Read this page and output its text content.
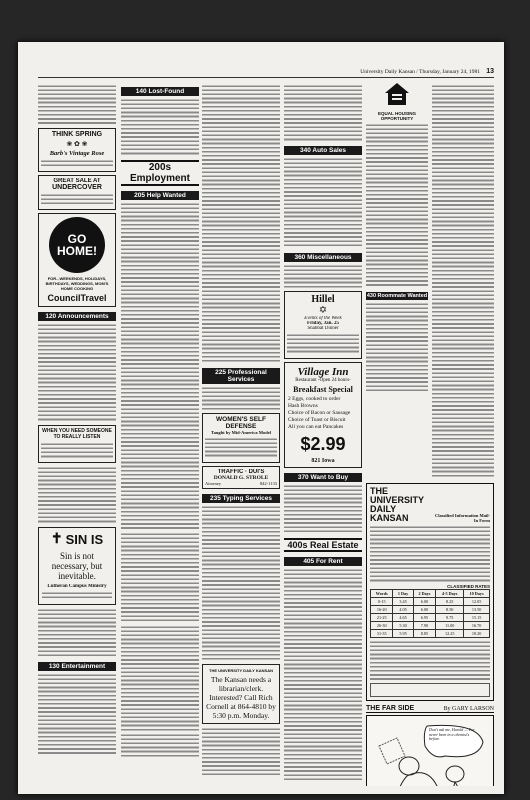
University Daily Kansan / Thursday, January 24, 1981 13
THINK SPRING
❀ ✿ ❀
Barb's Vintage Rose
GREAT SALE AT
UNDERCOVER
GO HOME!
FOR...WEEKENDS, HOLIDAYS, BIRTHDAYS, WEDDINGS, MOM'S HOME COOKING
CouncilTravel
120 Announcements
WHEN YOU NEED SOMEONE TO REALLY LISTEN
✝ SIN IS
Sin is not necessary, but inevitable.
Lutheran Campus Ministry
130 Entertainment
140 Lost-Found
200s Employment
205 Help Wanted
225 Professional Services
WOMEN'S SELF DEFENSE
Taught by Mid-America Model
TRAFFIC · DUI'S
DONALD G. STROLE
Attorney	842-1133
235 Typing Services
THE UNIVERSITY DAILY KANSAN
The Kansan needs a librarian/clerk. Interested? Call Rich Cornell at 864-4810 by 5:30 p.m. Monday.
340 Auto Sales
360 Miscellaneous
Hillel
✡
Events of the Week
Friday, Jan. 25
Shabbat Dinner
Village Inn
Restaurant -Open 24 hours-
Breakfast Special
2 Eggs, cooked to order
Hash Browns
Choice of Bacon or Sausage
Choice of Toast or Biscuit
All you can eat Pancakes
$2.99
821 Iowa
370 Want to Buy
400s Real Estate
405 For Rent
EQUAL HOUSING OPPORTUNITY
430 Roommate Wanted
THE UNIVERSITY DAILY KANSAN	Classified Information Mail-In Form
CLASSIFIED RATES
Words	1 Day	2 Days	4-5 Days	10 Days
0-15	3.45	6.00	8.25	12.05
16-20	4.05	6.00	8.50	13.50
21-25	4.65	6.95	9.75	15.15
26-30	5.30	7.90	11.00	16.70
31-35	5.95	8.85	12.25	18.20
THE FAR SIDE	By GARY LARSON
Don't ask me, Harold — I've never been in a chemist's before.
